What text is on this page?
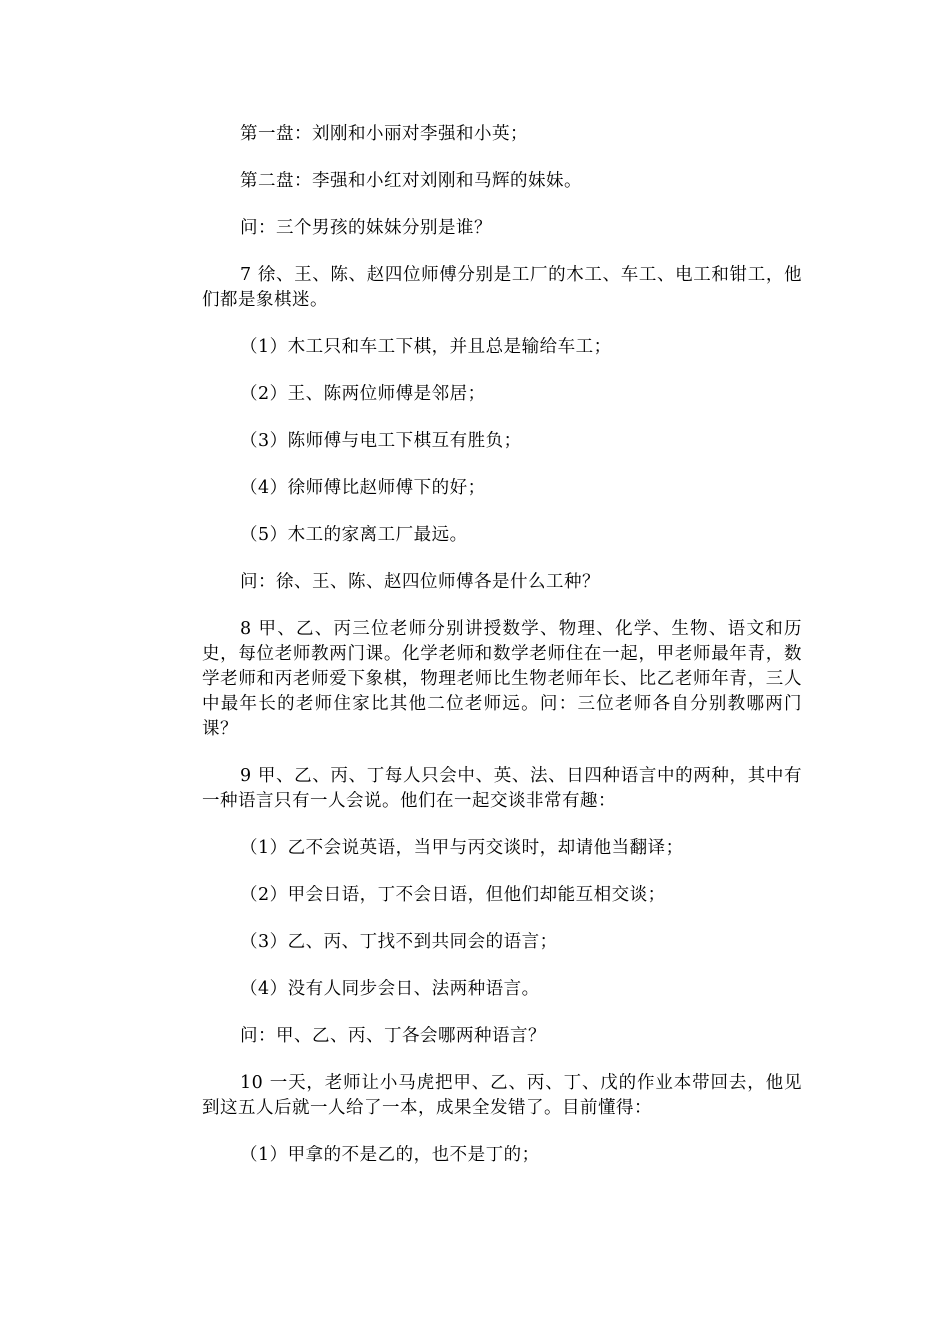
第一盘：刘刚和小丽对李强和小英；

第二盘：李强和小红对刘刚和马辉的妹妹。

问：三个男孩的妹妹分别是谁？

7 徐、王、陈、赵四位师傅分别是工厂的木工、车工、电工和钳工，他们都是象棋迷。

（1）木工只和车工下棋，并且总是输给车工；

（2）王、陈两位师傅是邻居；

（3）陈师傅与电工下棋互有胜负；

（4）徐师傅比赵师傅下的好；

（5）木工的家离工厂最远。

问：徐、王、陈、赵四位师傅各是什么工种？

8 甲、乙、丙三位老师分别讲授数学、物理、化学、生物、语文和历史，每位老师教两门课。化学老师和数学老师住在一起，甲老师最年青，数学老师和丙老师爱下象棋，物理老师比生物老师年长、比乙老师年青，三人中最年长的老师住家比其他二位老师远。问：三位老师各自分别教哪两门课？

9 甲、乙、丙、丁每人只会中、英、法、日四种语言中的两种，其中有一种语言只有一人会说。他们在一起交谈非常有趣：

（1）乙不会说英语，当甲与丙交谈时，却请他当翻译；

（2）甲会日语，丁不会日语，但他们却能互相交谈；

（3）乙、丙、丁找不到共同会的语言；

（4）没有人同步会日、法两种语言。

问：甲、乙、丙、丁各会哪两种语言？

10 一天，老师让小马虎把甲、乙、丙、丁、戊的作业本带回去，他见到这五人后就一人给了一本，成果全发错了。目前懂得：

（1）甲拿的不是乙的，也不是丁的；
